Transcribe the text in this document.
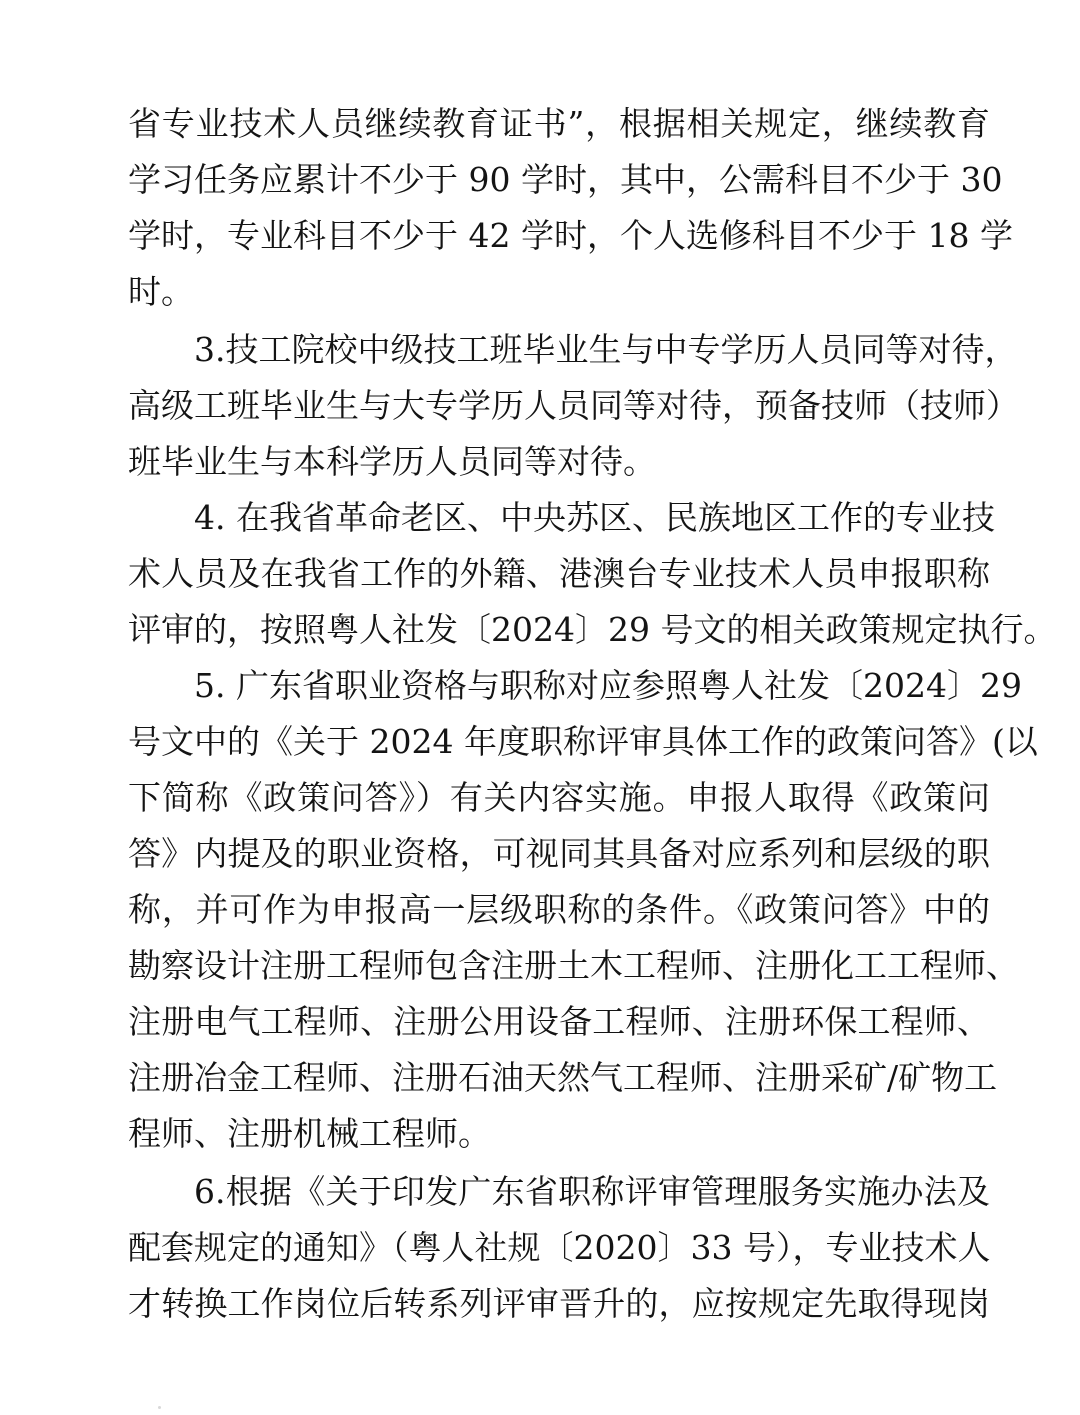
省专业技术人员继续教育证书”，根据相关规定，继续教育
学习任务应累计不少于 90 学时，其中，公需科目不少于 30
学时，专业科目不少于 42 学时，个人选修科目不少于 18 学
时。
3.技工院校中级技工班毕业生与中专学历人员同等对待，
高级工班毕业生与大专学历人员同等对待，预备技师（技师）
班毕业生与本科学历人员同等对待。
4. 在我省革命老区、中央苏区、民族地区工作的专业技
术人员及在我省工作的外籍、港澳台专业技术人员申报职称
评审的，按照粤人社发〔2024〕29 号文的相关政策规定执行。
5. 广东省职业资格与职称对应参照粤人社发〔2024〕29
号文中的《关于 2024 年度职称评审具体工作的政策问答》(以
下简称《政策问答》）有关内容实施。申报人取得《政策问
答》内提及的职业资格，可视同其具备对应系列和层级的职
称，并可作为申报高一层级职称的条件。《政策问答》中的
勘察设计注册工程师包含注册土木工程师、注册化工工程师、
注册电气工程师、注册公用设备工程师、注册环保工程师、
注册冶金工程师、注册石油天然气工程师、注册采矿/矿物工
程师、注册机械工程师。
6.根据《关于印发广东省职称评审管理服务实施办法及
配套规定的通知》（粤人社规〔2020〕33 号），专业技术人
才转换工作岗位后转系列评审晋升的，应按规定先取得现岗
